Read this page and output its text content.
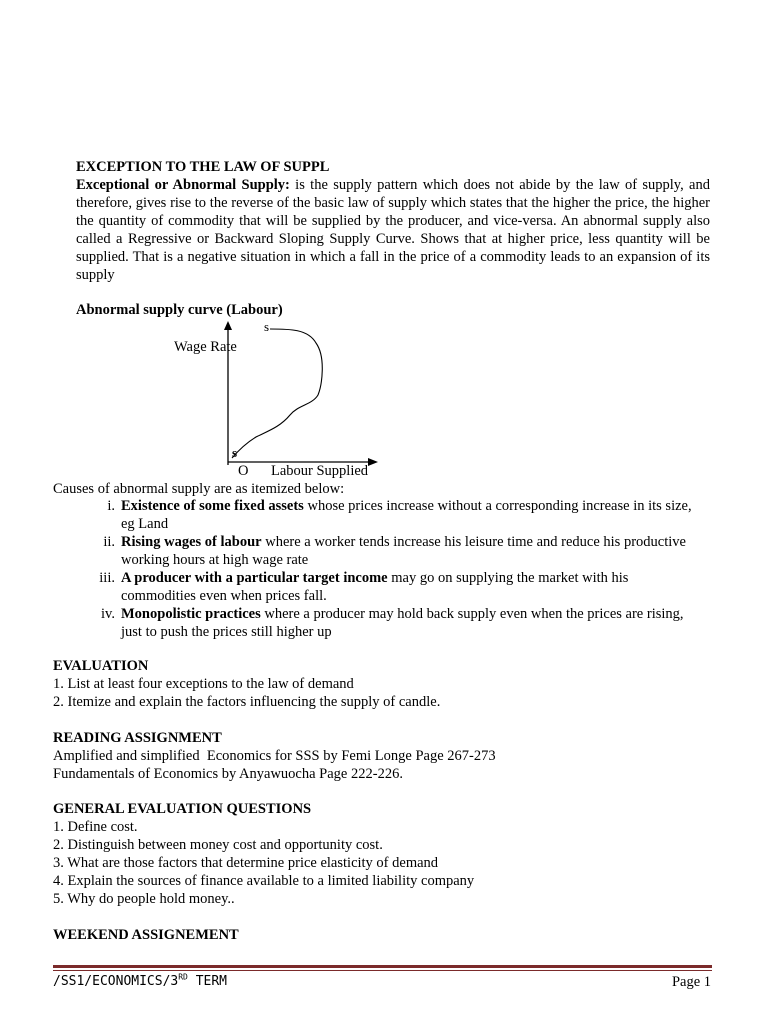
EXCEPTION TO THE LAW OF SUPPL
Exceptional or Abnormal Supply: is the supply pattern which does not abide by the law of supply, and therefore, gives rise to the reverse of the basic law of supply which states that the higher the price, the higher the quantity of commodity that will be supplied by the producer, and vice-versa. An abnormal supply also called a Regressive or Backward Sloping Supply Curve. Shows that at higher price, less quantity will be supplied. That is a negative situation in which a fall in the price of a commodity leads to an expansion of its supply
Abnormal supply curve (Labour)
s
s
Wage Rate
O Labour Supplied
Causes of abnormal supply are as itemized below:
i. Existence of some fixed assets whose prices increase without a corresponding increase in its size, eg Land
ii. Rising wages of labour where a worker tends increase his leisure time and reduce his productive working hours at high wage rate
iii. A producer with a particular target income may go on supplying the market with his commodities even when prices fall.
iv. Monopolistic practices where a producer may hold back supply even when the prices are rising, just to push the prices still higher up
EVALUATION
1. List at least four exceptions to the law of demand
2. Itemize and explain the factors influencing the supply of candle.
READING ASSIGNMENT
Amplified and simplified  Economics for SSS by Femi Longe Page 267-273
Fundamentals of Economics by Anyawuocha Page 222-226.
GENERAL EVALUATION QUESTIONS
1. Define cost.
2. Distinguish between money cost and opportunity cost.
3. What are those factors that determine price elasticity of demand
4. Explain the sources of finance available to a limited liability company
5. Why do people hold money..
WEEKEND ASSIGNEMENT
/SS1/ECONOMICS/3RD TERM	Page 1
